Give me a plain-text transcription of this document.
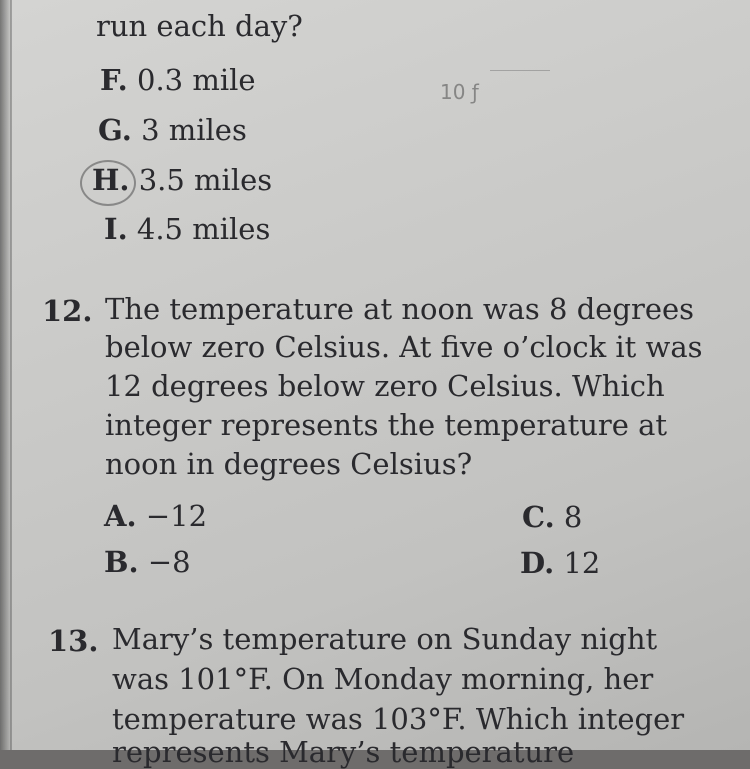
run each day?
F. 0.3 mile
G. 3 miles
H. 3.5 miles
I. 4.5 miles
10 ƒ
12. The temperature at noon was 8 degrees
below zero Celsius. At five o’clock it was
12 degrees below zero Celsius. Which
integer represents the temperature at
noon in degrees Celsius?
A. −12
B. −8
C. 8
D. 12
13. Mary’s temperature on Sunday night
was 101°F. On Monday morning, her
temperature was 103°F. Which integer
represents Mary’s temperature
